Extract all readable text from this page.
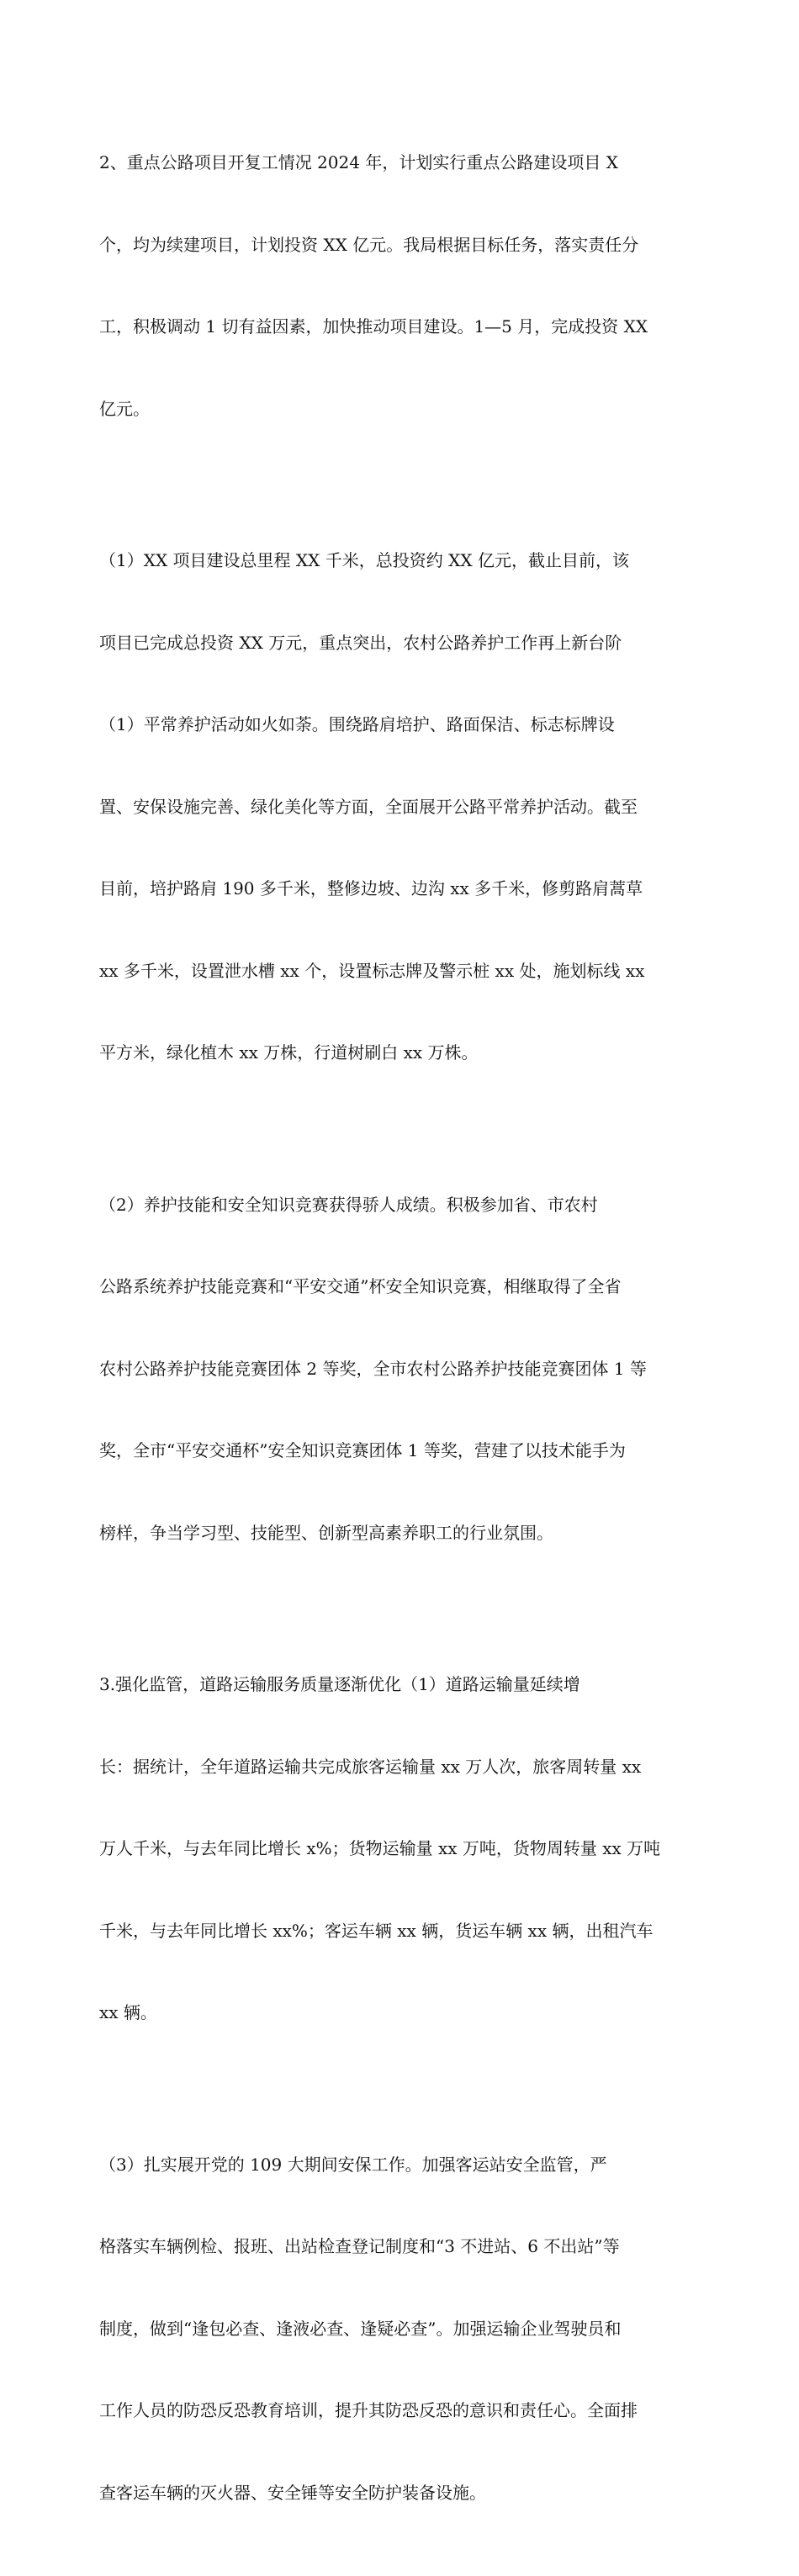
2、重点公路项目开复工情况 2024 年，计划实行重点公路建设项目 X

个，均为续建项目，计划投资 XX 亿元。我局根据目标任务，落实责任分

工，积极调动 1 切有益因素，加快推动项目建设。1—5 月，完成投资 XX

亿元。

（1）XX 项目建设总里程 XX 千米，总投资约 XX 亿元，截止目前，该

项目已完成总投资 XX 万元，重点突出，农村公路养护工作再上新台阶

（1）平常养护活动如火如荼。围绕路肩培护、路面保洁、标志标牌设

置、安保设施完善、绿化美化等方面，全面展开公路平常养护活动。截至

目前，培护路肩 190 多千米，整修边坡、边沟 xx 多千米，修剪路肩蒿草

xx 多千米，设置泄水槽 xx 个，设置标志牌及警示桩 xx 处，施划标线 xx

平方米，绿化植木 xx 万株，行道树刷白 xx 万株。

（2）养护技能和安全知识竞赛获得骄人成绩。积极参加省、市农村

公路系统养护技能竞赛和“平安交通”杯安全知识竞赛，相继取得了全省

农村公路养护技能竞赛团体 2 等奖，全市农村公路养护技能竞赛团体 1 等

奖，全市“平安交通杯”安全知识竞赛团体 1 等奖，营建了以技术能手为

榜样，争当学习型、技能型、创新型高素养职工的行业氛围。

3.强化监管，道路运输服务质量逐渐优化（1）道路运输量延续增

长：据统计，全年道路运输共完成旅客运输量 xx 万人次，旅客周转量 xx

万人千米，与去年同比增长 x%；货物运输量 xx 万吨，货物周转量 xx 万吨

千米，与去年同比增长 xx%；客运车辆 xx 辆，货运车辆 xx 辆，出租汽车

xx 辆。

（3）扎实展开党的 109 大期间安保工作。加强客运站安全监管，严

格落实车辆例检、报班、出站检查登记制度和“3 不进站、6 不出站”等

制度，做到“逢包必查、逢液必查、逢疑必查”。加强运输企业驾驶员和

工作人员的防恐反恐教育培训，提升其防恐反恐的意识和责任心。全面排

查客运车辆的灭火器、安全锤等安全防护装备设施。
